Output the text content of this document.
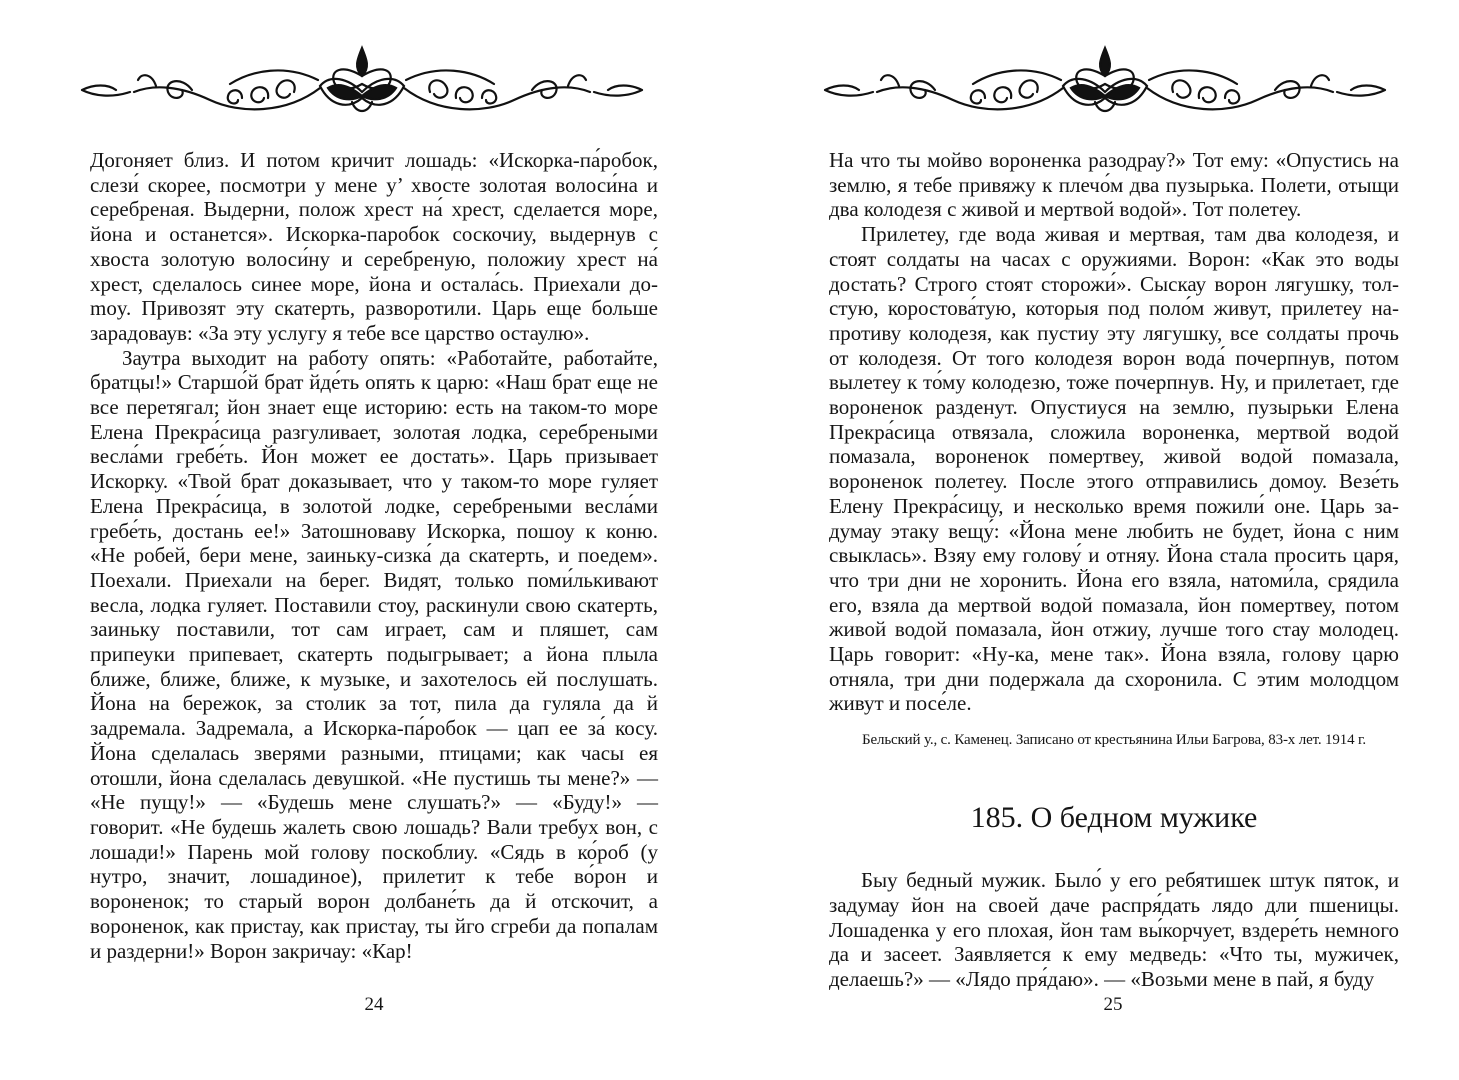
Догоняет близ. И потом кричит лошадь: «Искорка-па́робок, слези́ скорее, посмотри у мене у’ хвосте золотая волоси́на и серебреная. Выдерни, полож хрест на́ хрест, сделается море, йона и останется». Искорка-паробок соскочиу, выдернув с хвоста золотую волоси́ну и серебреную, положиу хрест на́ хрест, сделалось синее море, йона и остала́сь. Приехали доmoy. Привозят эту скатерть, разворотили. Царь еще больше зарадоваув: «За эту услугу я тебе все царство остаулю».

Заутра выходит на работу опять: «Работайте, работайте, братцы!» Старшо́й брат йде́ть опять к царю: «Наш брат еще не все перетягал; йон знает еще историю: есть на таком-то море Елена Прекра́сица разгуливает, золотая лодка, серебреными весла́ми гребе́ть. Йон может ее достать». Царь призывает Искорку. «Твой брат доказывает, что у таком-то море гуляет Елена Прекра́сица, в золотой лодке, серебреными весла́ми гребе́ть, достань ее!» Затошноваву Искорка, пошоу к коню. «Не робей, бери мене, заиньку-сизка́ да скатерть, и поедем». Поехали. Приехали на берег. Видят, только поми́лькивают весла, лодка гуляет. Поставили стоу, раскинули свою скатерть, заиньку поставили, тот сам играет, сам и пляшет, сам припеуки припевает, скатерть подыгрывает; а йона плыла ближе, ближе, ближе, к музыке, и захотелось ей послушать. Йона на бережок, за столик за тот, пила да гуляла да й задремала. Задремала, а Искорка-па́робок — цап ее за́ косу. Йона сделалась зверями разными, птицами; как часы ея отошли, йона сделалась девушкой. «Не пустишь ты мене?» — «Не пущу!» — «Будешь мене слушать?» — «Буду!» — говорит. «Не будешь жалеть свою лошадь? Вали требух вон, с лошади!» Парень мой голову поскоблиу. «Сядь в ко́роб (у нутро, значит, лошадиное), прилетит к тебе во́рон и вороненок; то старый ворон долбане́ть да й отскочит, а вороненок, как пристау, как пристау, ты йго сгреби да попалам и раздерни!» Ворон закричау: «Кар!

24

На что ты мойво вороненка разодрау?» Тот ему: «Опустись на землю, я тебе привяжу к плечо́м два пузырька. Полети, отыщи два колодезя с живой и мертвой водой». Тот полетеу.

Прилетеу, где вода живая и мертвая, там два колодезя, и стоят солдаты на часах с оружиями. Ворон: «Как это воды достать? Строго стоят сторожи́». Сыскау ворон лягушку, толстую, коростова́тую, которыя под поло́м живут, прилетеу напротиву колодезя, как пустиу эту лягушку, все солдаты прочь от колодезя. От того колодезя ворон вода́ почерпнув, потом вылетеу к то́му колодезю, тоже почерпнув. Ну, и прилетает, где вороненок разденут. Опустиуся на землю, пузырьки Елена Прекра́сица отвязала, сложила вороненка, мертвой водой помазала, вороненок помертвеу, живой водой помазала, вороненок полетеу. После этого отправились домоу. Везе́ть Елену Прекра́сицу, и несколько время пожили́ оне. Царь задумау этаку вещу́: «Йона мене любить не будет, йона с ним свыклась». Взяу ему голову́ и отняу. Йона стала просить царя, что три дни не хоронить. Йона его взяла, натоми́ла, срядила его, взяла да мертвой водой помазала, йон помертвеу, потом живой водой помазала, йон отжиу, лучше того стау молодец. Царь говорит: «Ну-ка, мене так». Йона взяла, голову царю отняла, три дни подержала да схоронила. С этим молодцом живут и посе́ле.

Бельский у., с. Каменец. Записано от крестьянина Ильи Багрова, 83-х лет. 1914 г.
185. О бедном мужике

Быу бедный мужик. Было́ у его ребятишек штук пяток, и задумау йон на своей даче распря́дать лядо дли пшеницы. Лошаденка у его плохая, йон там вы́корчует, вздере́ть немного да и засеет. Заявляется к ему медведь: «Что ты, мужичек, делаешь?» — «Лядо пря́даю». — «Возьми мене в пай, я буду

25
